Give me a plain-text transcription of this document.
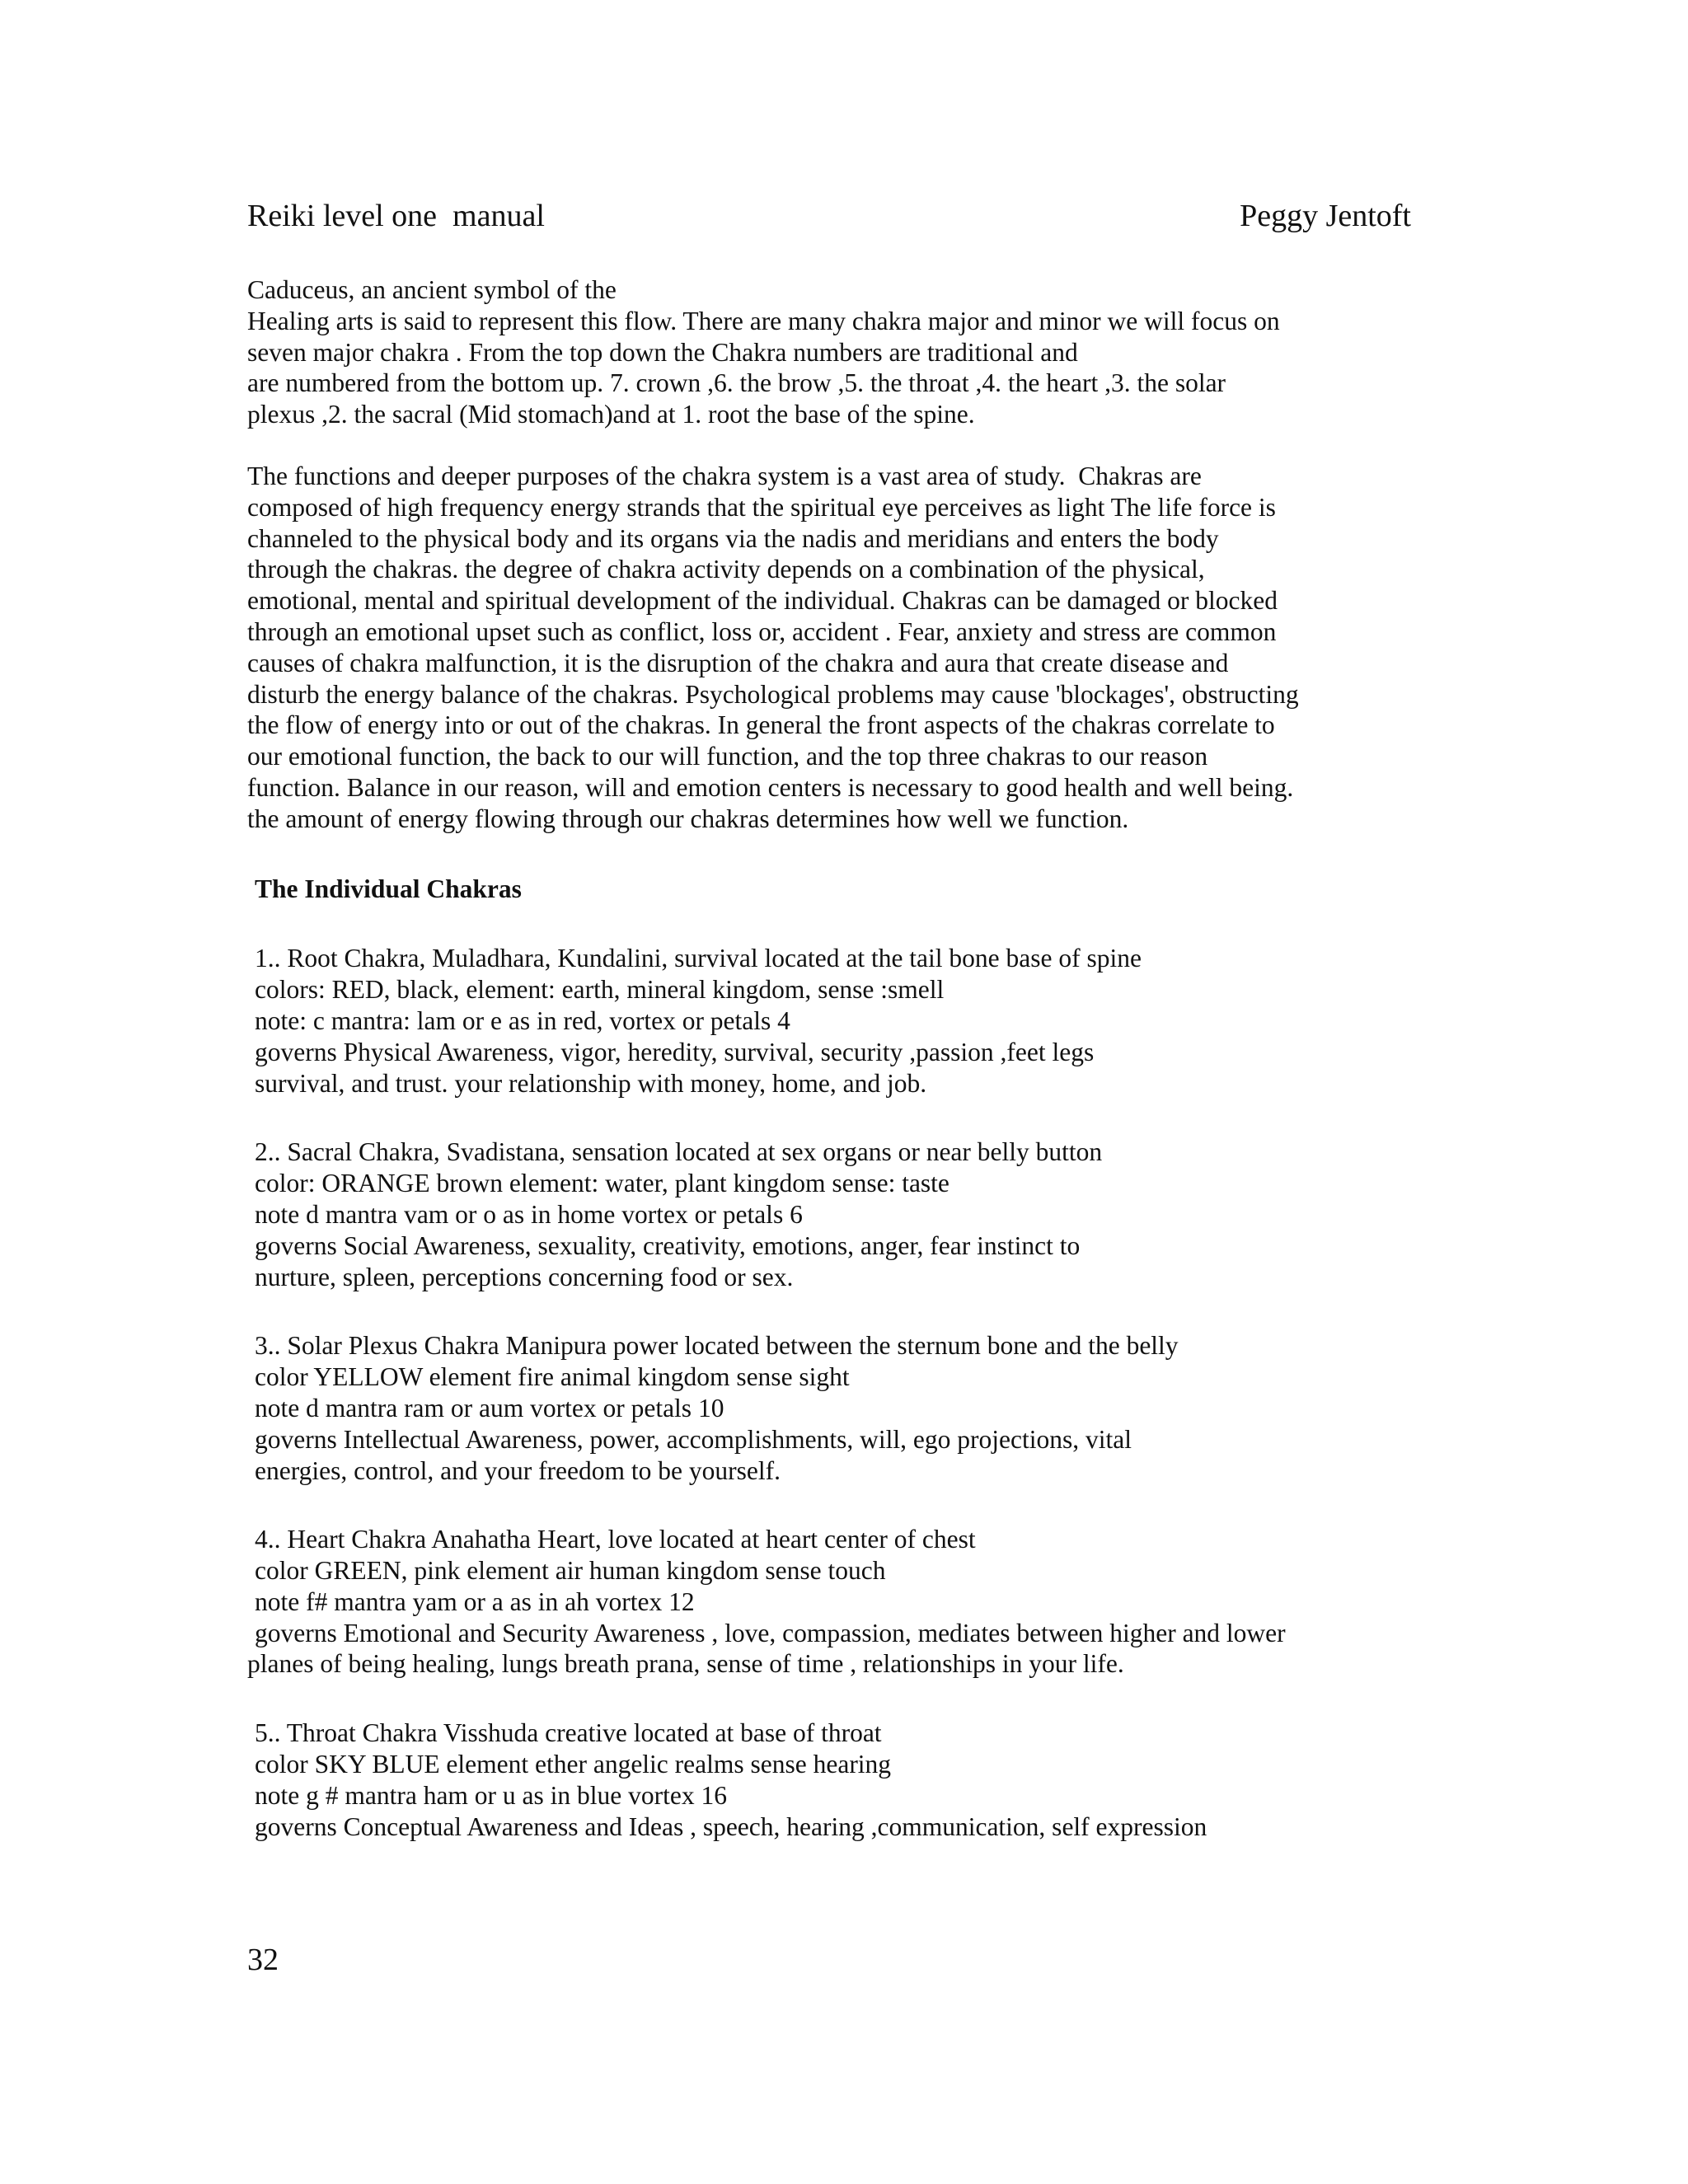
Reiki level one  manual	Peggy Jentoft
Caduceus, an ancient symbol of the
Healing arts is said to represent this flow. There are many chakra major and minor we will focus on
seven major chakra . From the top down the Chakra numbers are traditional and
are numbered from the bottom up. 7. crown ,6. the brow ,5. the throat ,4. the heart ,3. the solar
plexus ,2. the sacral (Mid stomach)and at 1. root the base of the spine.
The functions and deeper purposes of the chakra system is a vast area of study.  Chakras are
composed of high frequency energy strands that the spiritual eye perceives as light The life force is
channeled to the physical body and its organs via the nadis and meridians and enters the body
through the chakras. the degree of chakra activity depends on a combination of the physical,
emotional, mental and spiritual development of the individual. Chakras can be damaged or blocked
through an emotional upset such as conflict, loss or, accident . Fear, anxiety and stress are common
causes of chakra malfunction, it is the disruption of the chakra and aura that create disease and
disturb the energy balance of the chakras. Psychological problems may cause 'blockages', obstructing
the flow of energy into or out of the chakras. In general the front aspects of the chakras correlate to
our emotional function, the back to our will function, and the top three chakras to our reason
function. Balance in our reason, will and emotion centers is necessary to good health and well being.
the amount of energy flowing through our chakras determines how well we function.
The Individual Chakras
1.. Root Chakra, Muladhara, Kundalini, survival located at the tail bone base of spine
colors: RED, black, element: earth, mineral kingdom, sense :smell
note: c mantra: lam or e as in red, vortex or petals 4
governs Physical Awareness, vigor, heredity, survival, security ,passion ,feet legs
survival, and trust. your relationship with money, home, and job.
2.. Sacral Chakra, Svadistana, sensation located at sex organs or near belly button
color: ORANGE brown element: water, plant kingdom sense: taste
note d mantra vam or o as in home vortex or petals 6
governs Social Awareness, sexuality, creativity, emotions, anger, fear instinct to
nurture, spleen, perceptions concerning food or sex.
3.. Solar Plexus Chakra Manipura power located between the sternum bone and the belly
color YELLOW element fire animal kingdom sense sight
note d mantra ram or aum vortex or petals 10
governs Intellectual Awareness, power, accomplishments, will, ego projections, vital
energies, control, and your freedom to be yourself.
4.. Heart Chakra Anahatha Heart, love located at heart center of chest
color GREEN, pink element air human kingdom sense touch
note f# mantra yam or a as in ah vortex 12
governs Emotional and Security Awareness , love, compassion, mediates between higher and lower
planes of being healing, lungs breath prana, sense of time , relationships in your life.
5.. Throat Chakra Visshuda creative located at base of throat
color SKY BLUE element ether angelic realms sense hearing
note g # mantra ham or u as in blue vortex 16
governs Conceptual Awareness and Ideas , speech, hearing ,communication, self expression
32
